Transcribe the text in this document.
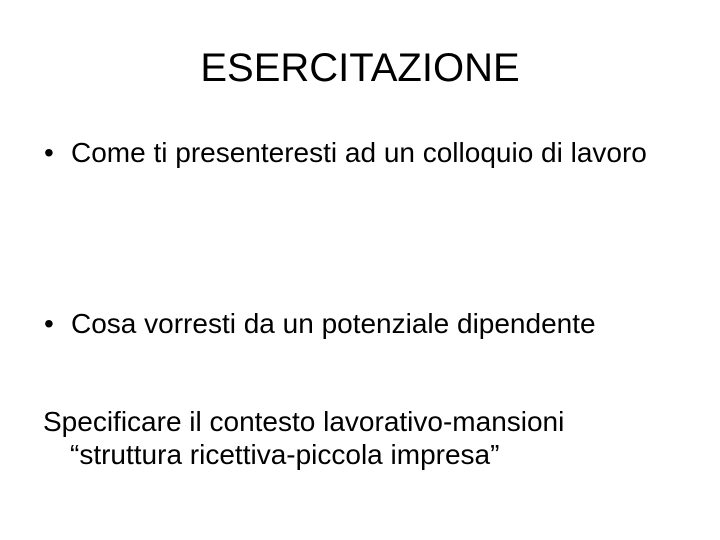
ESERCITAZIONE
• Come ti presenteresti ad un colloquio di lavoro
• Cosa vorresti da un potenziale dipendente
Specificare il contesto lavorativo-mansioni
“struttura ricettiva-piccola impresa”
